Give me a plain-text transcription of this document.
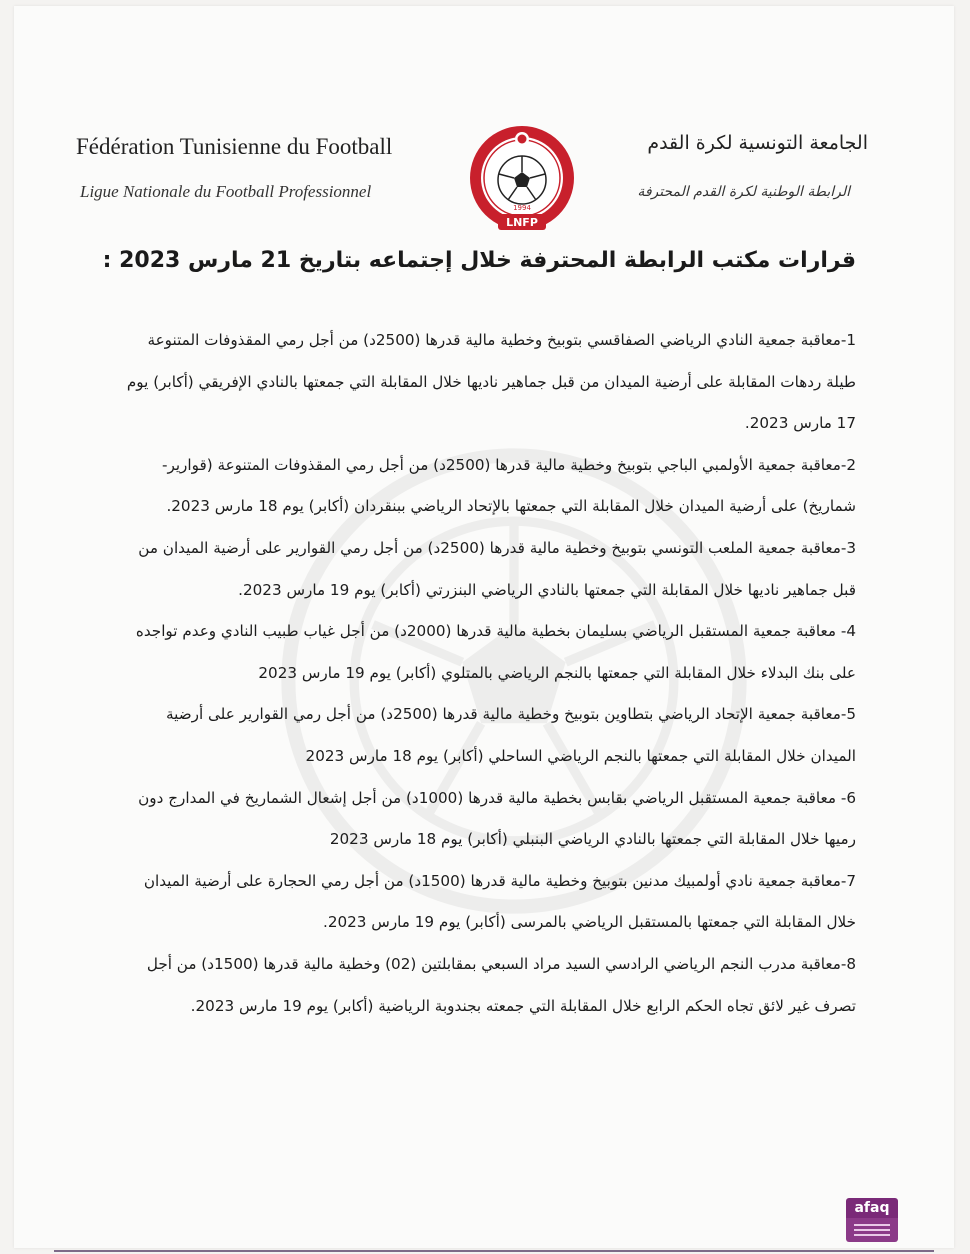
Fédération Tunisienne du Football
Ligue Nationale du Football Professionnel
1994
LNFP
الجامعة التونسية لكرة القدم
الرابطة الوطنية لكرة القدم المحترفة
قرارات مكتب الرابطة المحترفة خلال إجتماعه بتاريخ 21 مارس 2023 :

1-معاقبة جمعية النادي الرياضي الصفاقسي بتوبيخ وخطية مالية قدرها (2500د) من أجل رمي المقذوفات المتنوعة طيلة ردهات المقابلة على أرضية الميدان من قبل جماهير ناديها خلال المقابلة التي جمعتها بالنادي الإفريقي (أكابر) يوم 17 مارس 2023.

2-معاقبة جمعية الأولمبي الباجي بتوبيخ وخطية مالية قدرها (2500د) من أجل رمي المقذوفات المتنوعة (قوارير-شماريخ) على أرضية الميدان خلال المقابلة التي جمعتها بالإتحاد الرياضي ببنقردان (أكابر) يوم 18 مارس 2023.

3-معاقبة جمعية الملعب التونسي بتوبيخ وخطية مالية قدرها (2500د) من أجل رمي القوارير على أرضية الميدان من قبل جماهير ناديها خلال المقابلة التي جمعتها بالنادي الرياضي البنزرتي (أكابر) يوم 19 مارس 2023.

4- معاقبة جمعية المستقبل الرياضي بسليمان بخطية مالية قدرها (2000د) من أجل غياب طبيب النادي وعدم تواجده على بنك البدلاء خلال المقابلة التي جمعتها بالنجم الرياضي بالمتلوي (أكابر) يوم 19 مارس 2023

5-معاقبة جمعية الإتحاد الرياضي بتطاوين بتوبيخ وخطية مالية قدرها (2500د) من أجل رمي القوارير على أرضية الميدان خلال المقابلة التي جمعتها بالنجم الرياضي الساحلي (أكابر) يوم 18 مارس 2023

6- معاقبة جمعية المستقبل الرياضي بقابس بخطية مالية قدرها (1000د) من أجل إشعال الشماريخ في المدارج دون رميها خلال المقابلة التي جمعتها بالنادي الرياضي البنبلي (أكابر) يوم 18 مارس 2023

7-معاقبة جمعية نادي أولمبيك مدنين بتوبيخ وخطية مالية قدرها (1500د) من أجل رمي الحجارة على أرضية الميدان خلال المقابلة التي جمعتها بالمستقبل الرياضي بالمرسى (أكابر) يوم 19 مارس 2023.

8-معاقبة مدرب النجم الرياضي الرادسي السيد مراد السبعي بمقابلتين (02) وخطية مالية قدرها (1500د) من أجل تصرف غير لائق تجاه الحكم الرابع خلال المقابلة التي جمعته بجندوبة الرياضية (أكابر) يوم 19 مارس 2023.

afaq
